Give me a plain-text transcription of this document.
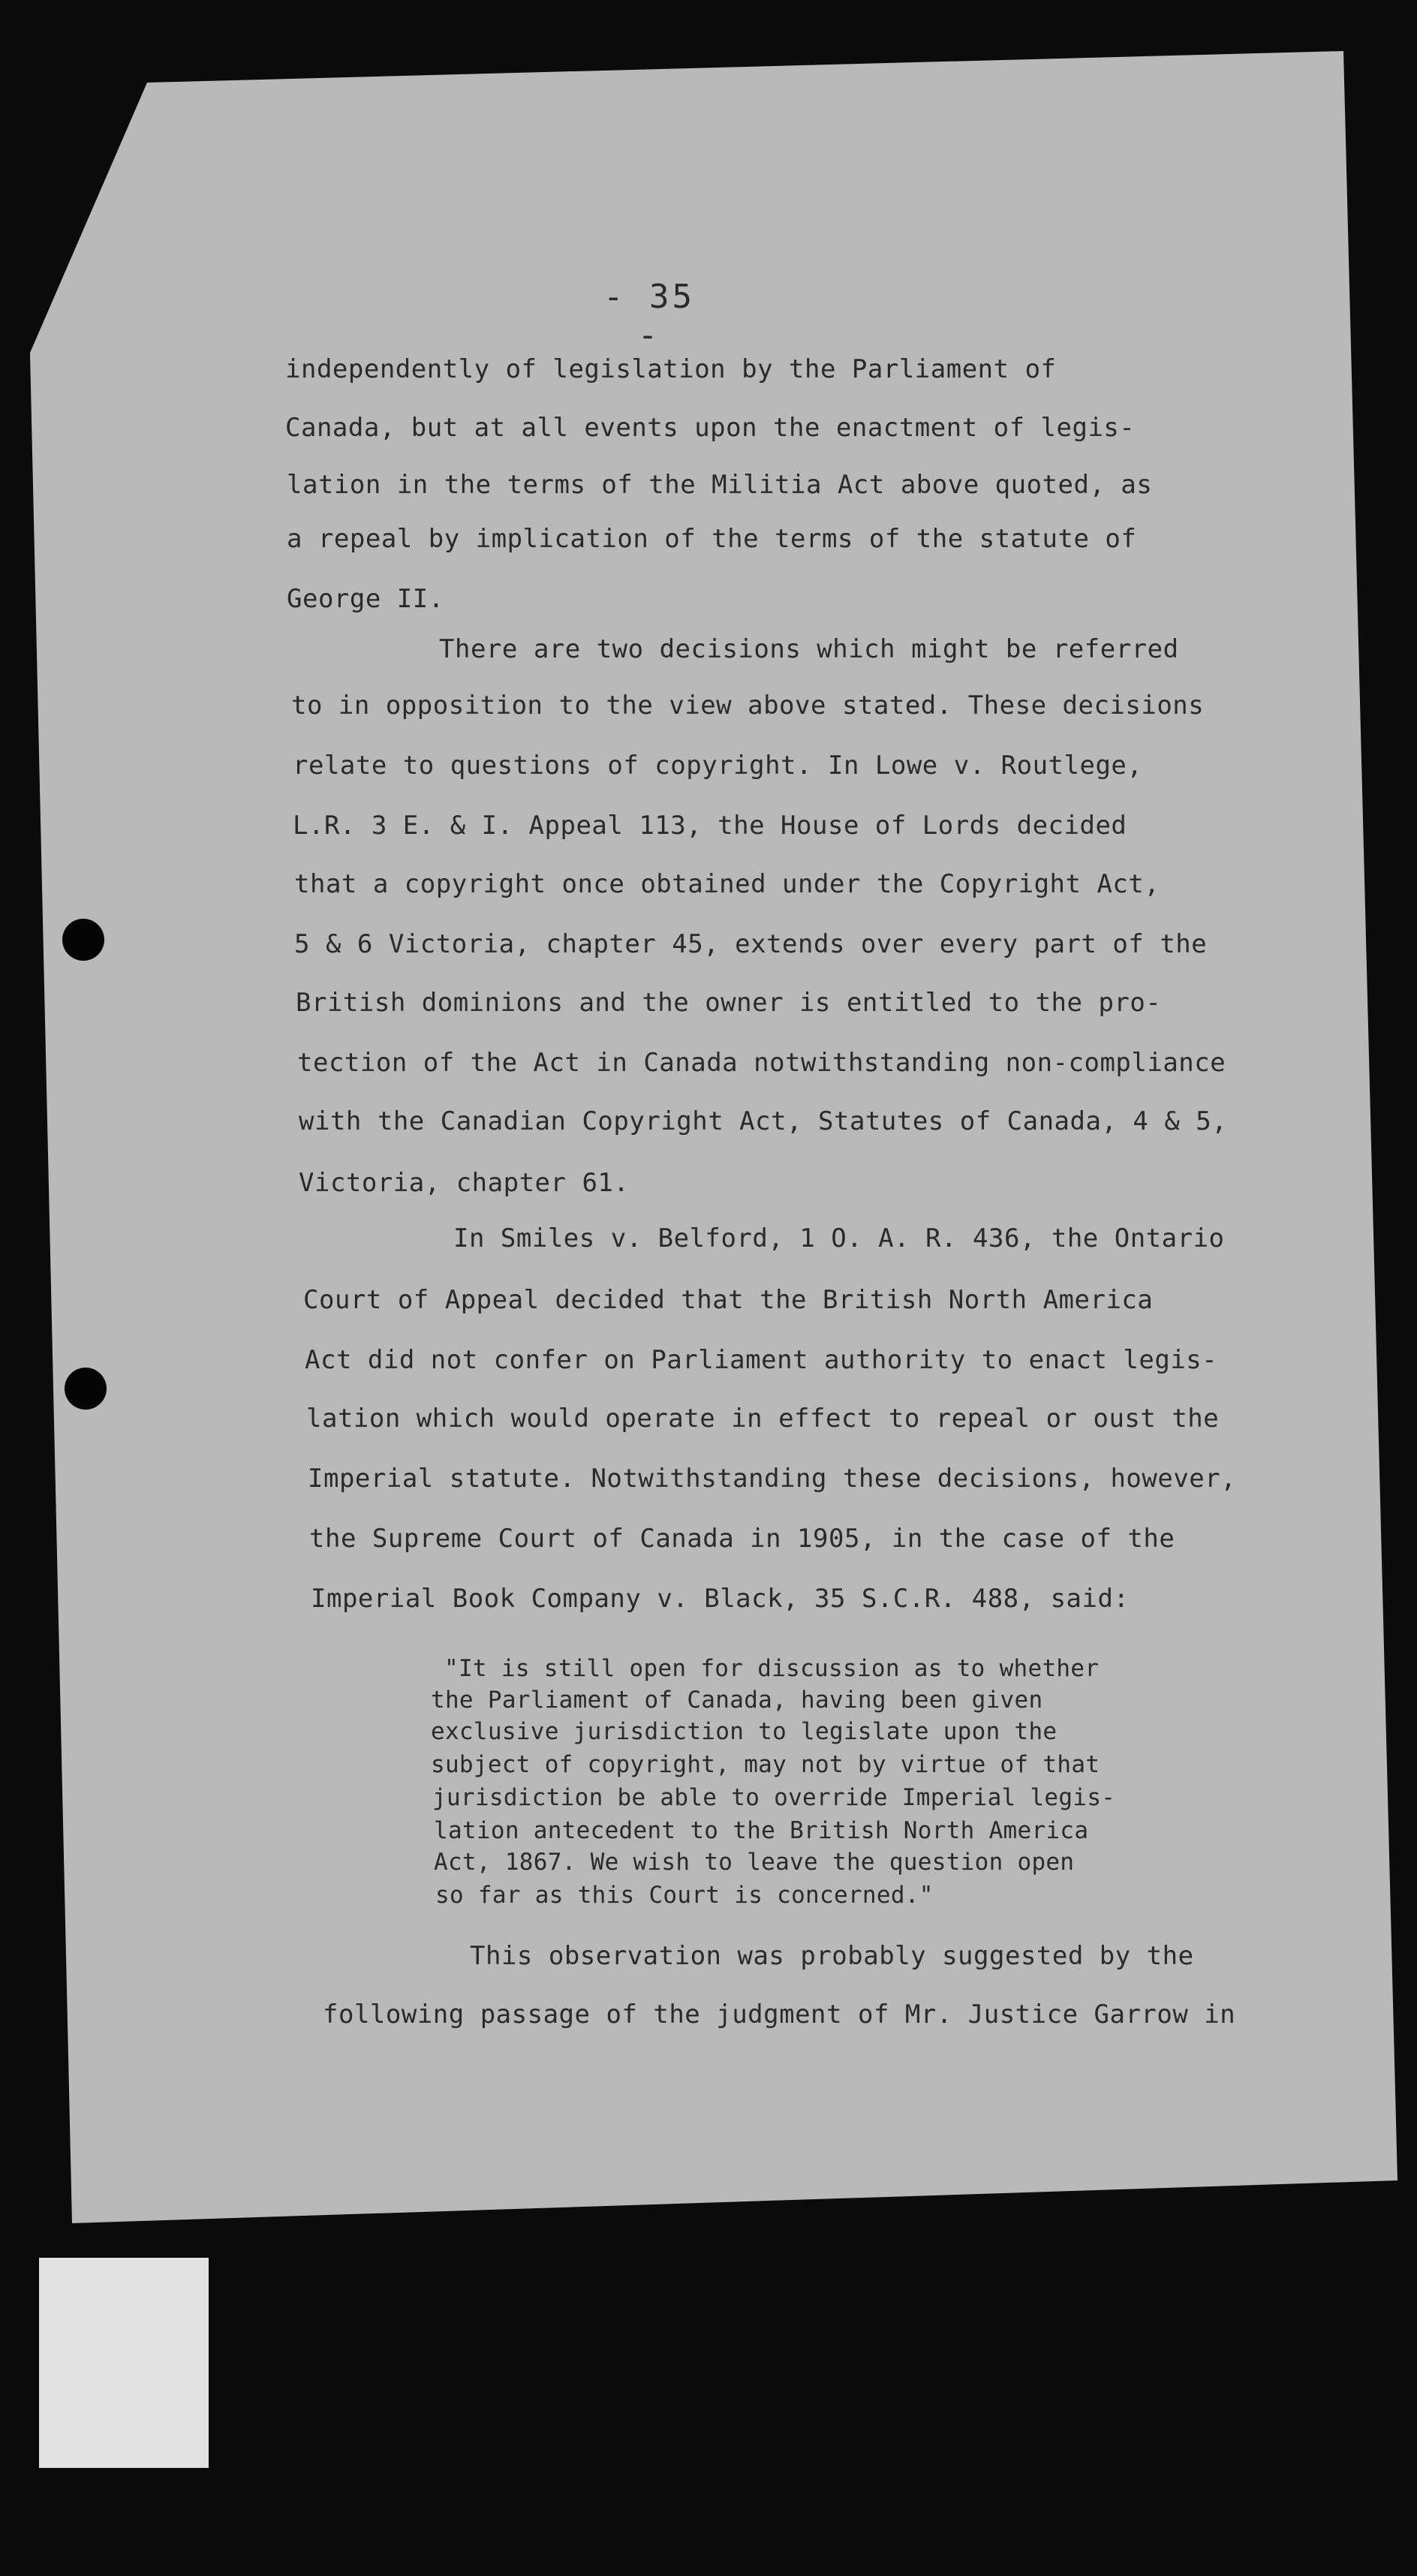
- 35 -
independently of legislation by the Parliament of
Canada, but at all events upon the enactment of legis-
lation in the terms of the Militia Act above quoted, as
a repeal by implication of the terms of the statute of
George II.
There are two decisions which might be referred
to in opposition to the view above stated. These decisions
relate to questions of copyright. In Lowe v. Routlege,
L.R. 3 E. & I. Appeal 113, the House of Lords decided
that a copyright once obtained under the Copyright Act,
5 & 6 Victoria, chapter 45, extends over every part of the
British dominions and the owner is entitled to the pro-
tection of the Act in Canada notwithstanding non-compliance
with the Canadian Copyright Act, Statutes of Canada, 4 & 5,
Victoria, chapter 61.
In Smiles v. Belford, 1 O. A. R. 436, the Ontario
Court of Appeal decided that the British North America
Act did not confer on Parliament authority to enact legis-
lation which would operate in effect to repeal or oust the
Imperial statute. Notwithstanding these decisions, however,
the Supreme Court of Canada in 1905, in the case of the
Imperial Book Company v. Black, 35 S.C.R. 488, said:
"It is still open for discussion as to whether
the Parliament of Canada, having been given
exclusive jurisdiction to legislate upon the
subject of copyright, may not by virtue of that
jurisdiction be able to override Imperial legis-
lation antecedent to the British North America
Act, 1867. We wish to leave the question open
so far as this Court is concerned."
This observation was probably suggested by the
following passage of the judgment of Mr. Justice Garrow in
